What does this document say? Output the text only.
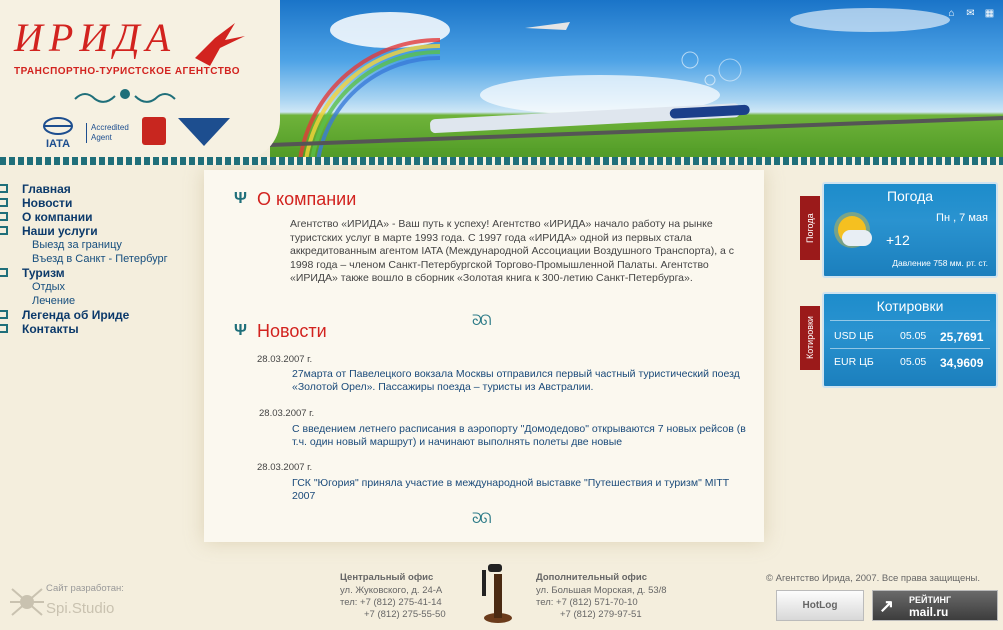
ИРИДА
ТРАНСПОРТНО-ТУРИСТСКОЕ АГЕНТСТВО
IATA
Accredited Agent
⌂ ✉ ▦
Главная
Новости
О компании
Наши услуги
Выезд за границу
Въезд в Санкт - Петербург
Туризм
Отдых
Лечение
Легенда об Ириде
Контакты
Ψ О компании
Агентство «ИРИДА» - Ваш путь к успеху! Агентство «ИРИДА» начало работу на рынке туристских услуг в марте 1993 года. С 1997 года «ИРИДА» одной из первых стала аккредитованным агентом IATA (Международной Ассоциации Воздушного Транспорта), а с 1998 года – членом Санкт-Петербургской Торгово-Промышленной Палаты. Агентство «ИРИДА» также вошло в сборник «Золотая книга к 300-летию Санкт-Петербурга».
ᘐᘏ
Ψ Новости
28.03.2007 г.
27марта от Павелецкого вокзала Москвы отправился первый частный туристический поезд «Золотой Орел». Пассажиры поезда – туристы из Австралии.
28.03.2007 г.
С введением летнего расписания в аэропорту "Домодедово" открываются 7 новых рейсов (в т.ч. один новый маршрут) и начинают выполнять полеты две новые
28.03.2007 г.
ГСК "Югория" приняла участие в международной выставке "Путешествия и туризм" MITT 2007
ᘐᘏ
Погода
Погода
Пн , 7 мая
+12
Давление 758 мм. рт. ст.
Котировки
Котировки
USD ЦБ	05.05	25,7691
EUR ЦБ	05.05	34,9609
Сайт разработан:
Spi.Studio
Центральный офис
ул. Жуковского, д. 24-А
тел: +7 (812) 275-41-14
+7 (812) 275-55-50
Дополнительный офис
ул. Большая Морская, д. 53/8
тел: +7 (812) 571-70-10
+7 (812) 279-97-51
© Агентство Ирида, 2007. Все права защищены.
HotLog	↗ РЕЙТИНГ
mail.ru
